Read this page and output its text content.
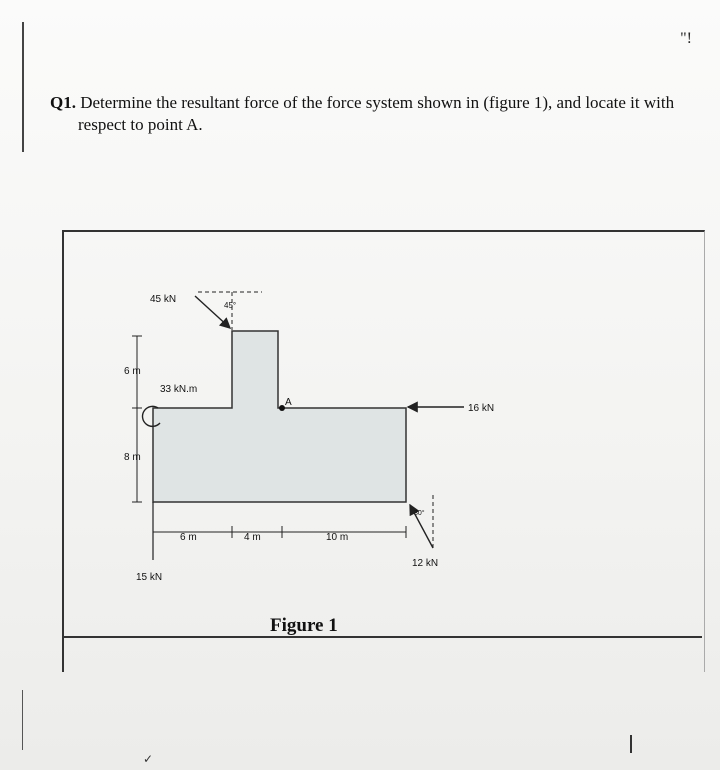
"!
Q1. Determine the resultant force of the force system shown in (figure 1), and locate it with
respect to point A.
45 kN
45°
33 kN.m
A
16 kN
30°
12 kN
15 kN
6 m
8 m
6 m	4 m	10 m
Figure 1
✓
